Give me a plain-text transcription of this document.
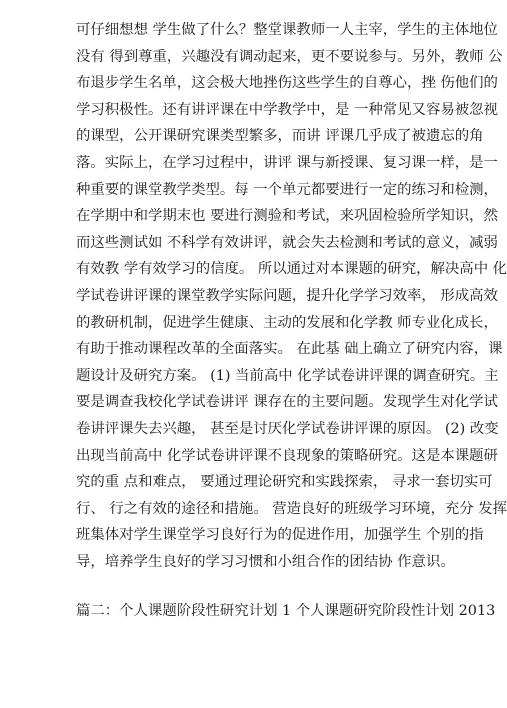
可仔细想想 学生做了什么？整堂课教师一人主宰，学生的主体地位
没有 得到尊重，兴趣没有调动起来，更不要说参与。另外，教师 公
布退步学生名单，这会极大地挫伤这些学生的自尊心，挫 伤他们的
学习积极性。还有讲评课在中学教学中，是 一种常见又容易被忽视
的课型，公开课研究课类型繁多，而讲 评课几乎成了被遗忘的角
落。实际上，在学习过程中，讲评 课与新授课、复习课一样，是一
种重要的课堂教学类型。每 一个单元都要进行一定的练习和检测，
在学期中和学期末也 要进行测验和考试，来巩固检验所学知识，然
而这些测试如 不科学有效讲评，就会失去检测和考试的意义，减弱
有效教 学有效学习的信度。 所以通过对本课题的研究，解决高中 化
学试卷讲评课的课堂教学实际问题，提升化学学习效率， 形成高效
的教研机制，促进学生健康、主动的发展和化学教 师专业化成长，
有助于推动课程改革的全面落实。 在此基 础上确立了研究内容，课
题设计及研究方案。 (1) 当前高中 化学试卷讲评课的调查研究。主
要是调查我校化学试卷讲评 课存在的主要问题。发现学生对化学试
卷讲评课失去兴趣， 甚至是讨厌化学试卷讲评课的原因。 (2) 改变
出现当前高中 化学试卷讲评课不良现象的策略研究。这是本课题研
究的重 点和难点， 要通过理论研究和实践探索， 寻求一套切实可
行、 行之有效的途径和措施。 营造良好的班级学习环境，充分 发挥
班集体对学生课堂学习良好行为的促进作用，加强学生 个别的指
导，培养学生良好的学习习惯和小组合作的团结协 作意识。
篇二：个人课题阶段性研究计划 1 个人课题研究阶段性计划 2013
